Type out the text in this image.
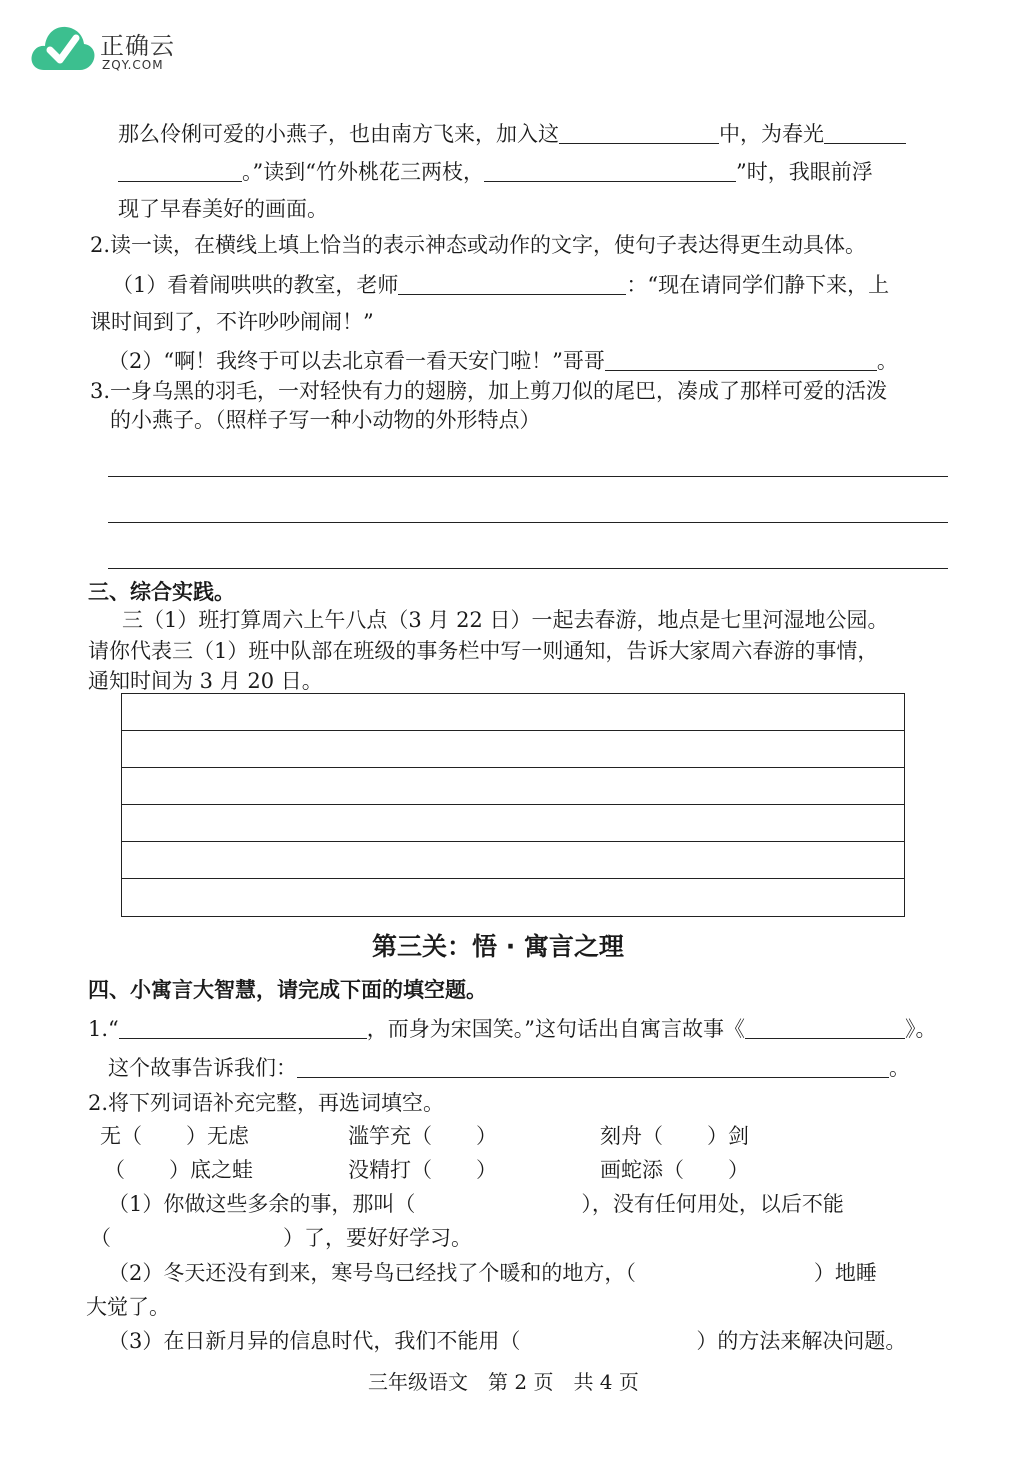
正确云
ZQY.COM
那么伶俐可爱的小燕子，也由南方飞来，加入这	中，为春光
。”读到“竹外桃花三两枝，	”时，我眼前浮
现了早春美好的画面。
2.读一读，在横线上填上恰当的表示神态或动作的文字，使句子表达得更生动具体。
（1）看着闹哄哄的教室，老师	：“现在请同学们静下来，上
课时间到了，不许吵吵闹闹！”
（2）“啊！我终于可以去北京看一看天安门啦！”哥哥	。
3.一身乌黑的羽毛，一对轻快有力的翅膀，加上剪刀似的尾巴，凑成了那样可爱的活泼
的小燕子。（照样子写一种小动物的外形特点）
三、综合实践。
三（1）班打算周六上午八点（3 月 22 日）一起去春游，地点是七里河湿地公园。
请你代表三（1）班中队部在班级的事务栏中写一则通知，告诉大家周六春游的事情，
通知时间为 3 月 20 日。
第三关：悟 · 寓言之理
四、小寓言大智慧，请完成下面的填空题。
1.“	，而身为宋国笑。”这句话出自寓言故事《	》。
这个故事告诉我们：	。
2.将下列词语补充完整，再选词填空。
无（ ）无虑	滥竽充（ ）	刻舟（ ）剑
（ ）底之蛙	没精打（ ）	画蛇添（ ）
（1）你做这些多余的事，那叫（	），没有任何用处，以后不能
（	）了，要好好学习。
（2）冬天还没有到来，寒号鸟已经找了个暖和的地方，（	）地睡
大觉了。
（3）在日新月异的信息时代，我们不能用（	）的方法来解决问题。
三年级语文　第 2 页　共 4 页
